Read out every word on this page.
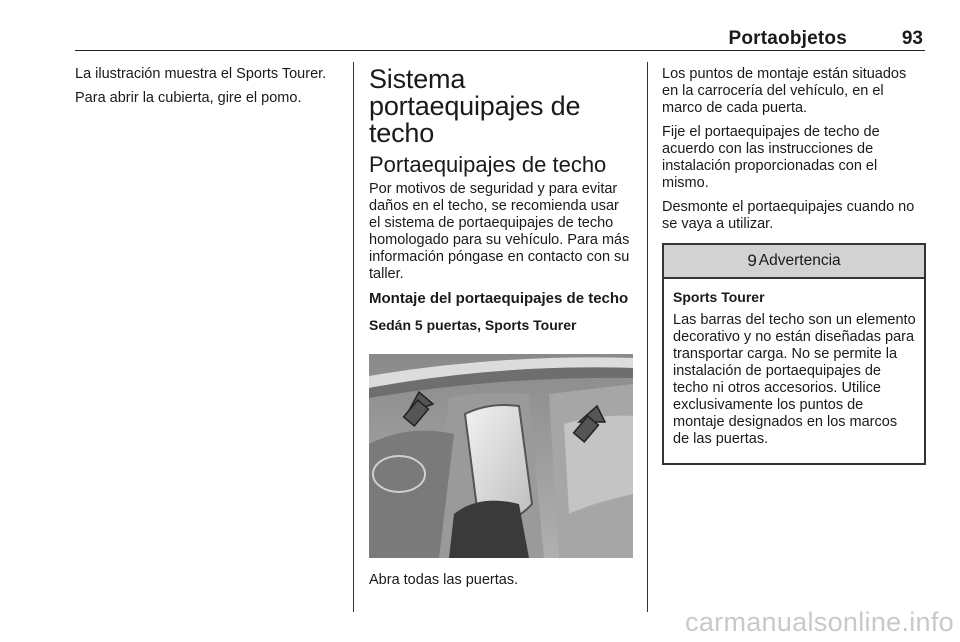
Portaobjetos	93

La ilustración muestra el Sports Tourer.

Para abrir la cubierta, gire el pomo.

Sistema portaequipajes de techo
Portaequipajes de techo

Por motivos de seguridad y para evitar daños en el techo, se recomienda usar el sistema de portaequipajes de techo homologado para su vehículo. Para más información póngase en contacto con su taller.

Montaje del portaequipajes de techo
Sedán 5 puertas, Sports Tourer

Abra todas las puertas.

Los puntos de montaje están situados en la carrocería del vehículo, en el marco de cada puerta.

Fije el portaequipajes de techo de acuerdo con las instrucciones de instalación proporcionadas con el mismo.

Desmonte el portaequipajes cuando no se vaya a utilizar.

9 Advertencia
Sports Tourer

Las barras del techo son un elemento decorativo y no están diseñadas para transportar carga. No se permite la instalación de portaequipajes de techo ni otros accesorios. Utilice exclusivamente los puntos de montaje designados en los marcos de las puertas.

carmanualsonline.info
